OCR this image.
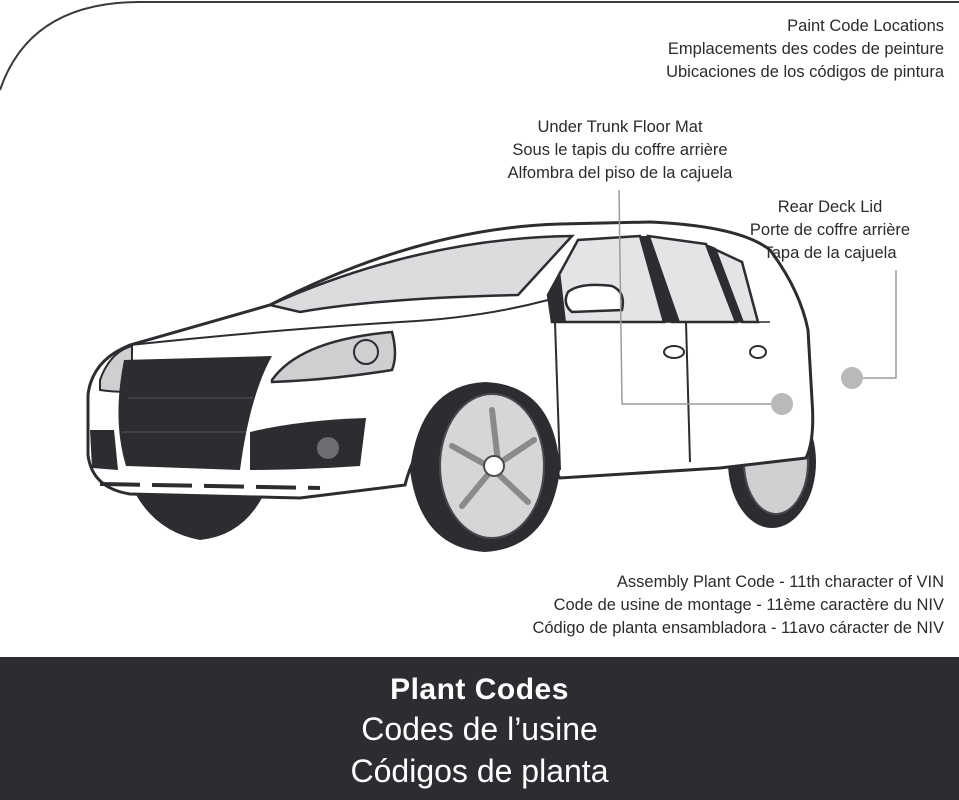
Paint Code Locations
Emplacements des codes de peinture
Ubicaciones de los códigos de pintura
Under Trunk Floor Mat
Sous le tapis du coffre arrière
Alfombra del piso de la cajuela
Rear Deck Lid
Porte de coffre arrière
Tapa de la cajuela
Assembly Plant Code - 11th character of VIN
Code de usine de montage - 11ème caractère du NIV
Código de planta ensambladora - 11avo cáracter de NIV
Plant Codes
Codes de l’usine
Códigos de planta
